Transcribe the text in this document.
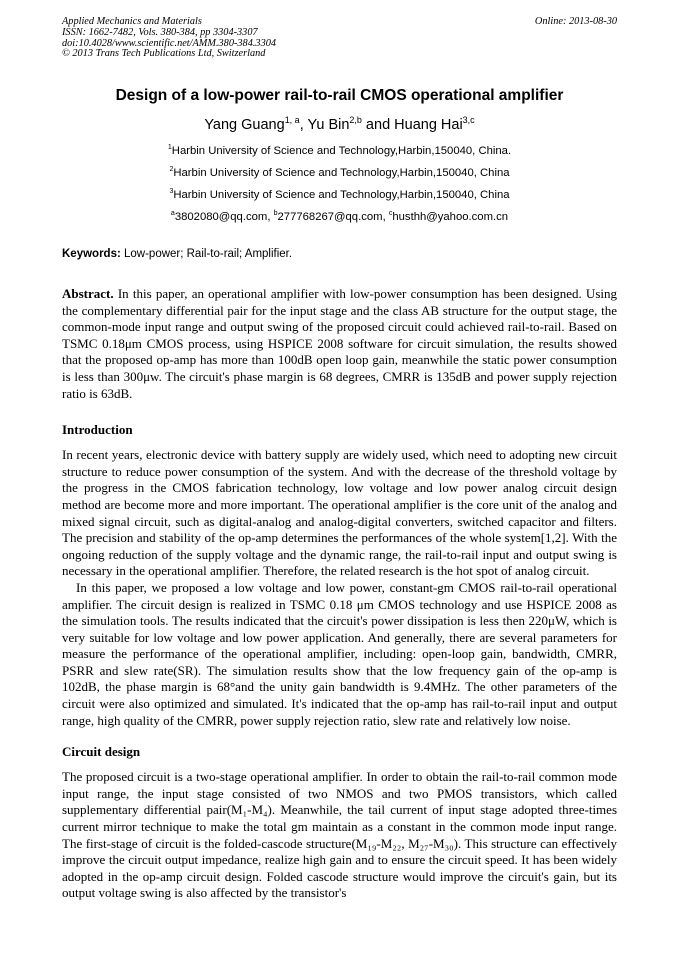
Applied Mechanics and Materials
ISSN: 1662-7482, Vols. 380-384, pp 3304-3307
doi:10.4028/www.scientific.net/AMM.380-384.3304
© 2013 Trans Tech Publications Ltd, Switzerland
Online: 2013-08-30
Design of a low-power rail-to-rail CMOS operational amplifier
Yang Guang$^{1, a}$, Yu Bin$^{2,b}$ and Huang Hai$^{3,c}$
$^1$Harbin University of Science and Technology,Harbin,150040, China.
$^2$Harbin University of Science and Technology,Harbin,150040, China
$^3$Harbin University of Science and Technology,Harbin,150040, China
$^a$3802080@qq.com, $^b$277768267@qq.com, $^c$husthh@yahoo.com.cn
Keywords: Low-power; Rail-to-rail; Amplifier.

Abstract. In this paper, an operational amplifier with low-power consumption has been designed. Using the complementary differential pair for the input stage and the class AB structure for the output stage, the common-mode input range and output swing of the proposed circuit could achieved rail-to-rail. Based on TSMC 0.18μm CMOS process, using HSPICE 2008 software for circuit simulation, the results showed that the proposed op-amp has more than 100dB open loop gain, meanwhile the static power consumption is less than 300μw. The circuit's phase margin is 68 degrees, CMRR is 135dB and power supply rejection ratio is 63dB.

Introduction

In recent years, electronic device with battery supply are widely used, which need to adopting new circuit structure to reduce power consumption of the system. And with the decrease of the threshold voltage by the progress in the CMOS fabrication technology, low voltage and low power analog circuit design method are become more and more important. The operational amplifier is the core unit of the analog and mixed signal circuit, such as digital-analog and analog-digital converters, switched capacitor and filters. The precision and stability of the op-amp determines the performances of the whole system[1,2]. With the ongoing reduction of the supply voltage and the dynamic range, the rail-to-rail input and output swing is necessary in the operational amplifier. Therefore, the related research is the hot spot of analog circuit.

In this paper, we proposed a low voltage and low power, constant-gm CMOS rail-to-rail operational amplifier. The circuit design is realized in TSMC 0.18 μm CMOS technology and use HSPICE 2008 as the simulation tools. The results indicated that the circuit's power dissipation is less then 220μW, which is very suitable for low voltage and low power application. And generally, there are several parameters for measure the performance of the operational amplifier, including: open-loop gain, bandwidth, CMRR, PSRR and slew rate(SR). The simulation results show that the low frequency gain of the op-amp is 102dB, the phase margin is 68°and the unity gain bandwidth is 9.4MHz. The other parameters of the circuit were also optimized and simulated. It's indicated that the op-amp has rail-to-rail input and output range, high quality of the CMRR, power supply rejection ratio, slew rate and relatively low noise.

Circuit design

The proposed circuit is a two-stage operational amplifier. In order to obtain the rail-to-rail common mode input range, the input stage consisted of two NMOS and two PMOS transistors, which called supplementary differential pair(M₁-M₄). Meanwhile, the tail current of input stage adopted three-times current mirror technique to make the total gm maintain as a constant in the common mode input range. The first-stage of circuit is the folded-cascode structure(M₁₉-M₂₂, M₂₇-M₃₀). This structure can effectively improve the circuit output impedance, realize high gain and to ensure the circuit speed. It has been widely adopted in the op-amp circuit design. Folded cascode structure would improve the circuit's gain, but its output voltage swing is also affected by the transistor's
